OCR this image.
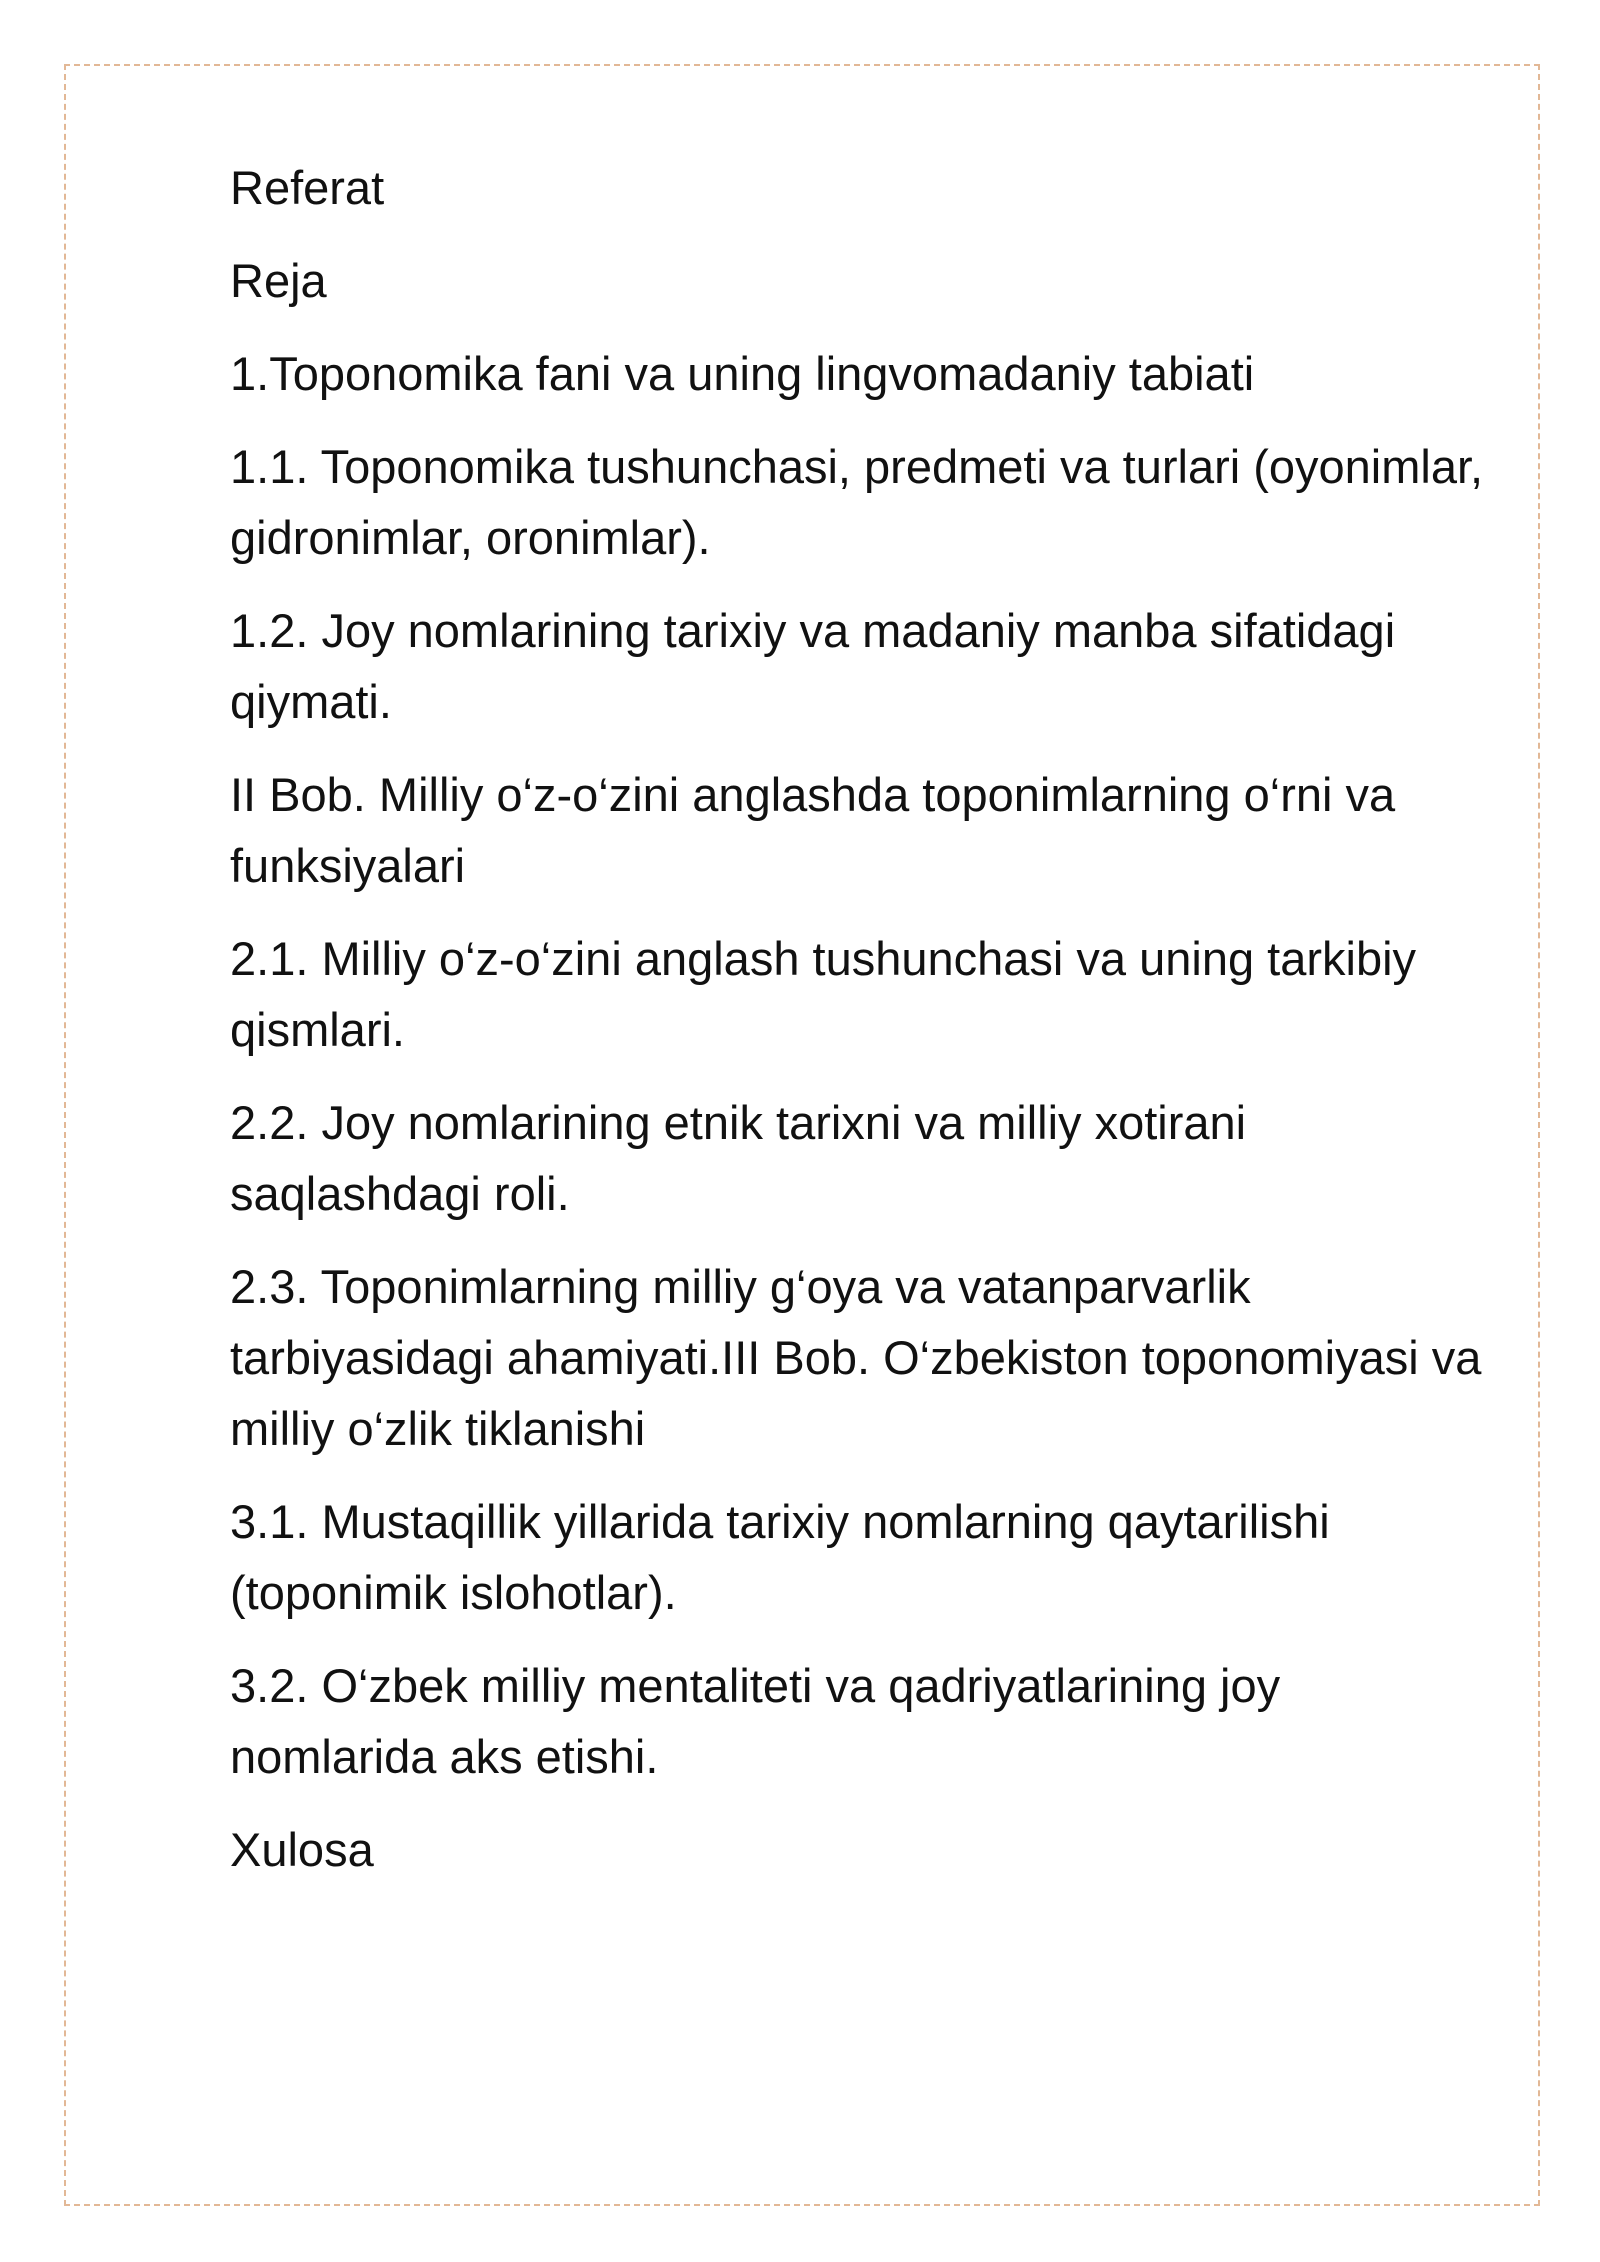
Referat

Reja

1.Toponomika fani va uning lingvomadaniy tabiati

1.1. Toponomika tushunchasi, predmeti va turlari (oyonimlar, gidronimlar, oronimlar).

1.2. Joy nomlarining tarixiy va madaniy manba sifatidagi qiymati.

II Bob. Milliy o‘z-o‘zini anglashda toponimlarning o‘rni va funksiyalari

2.1. Milliy o‘z-o‘zini anglash tushunchasi va uning tarkibiy qismlari.

2.2. Joy nomlarining etnik tarixni va milliy xotirani saqlashdagi roli.

2.3. Toponimlarning milliy g‘oya va vatanparvarlik tarbiyasidagi ahamiyati.III Bob. O‘zbekiston toponomiyasi va milliy o‘zlik tiklanishi

3.1. Mustaqillik yillarida tarixiy nomlarning qaytarilishi (toponimik islohotlar).

3.2. O‘zbek milliy mentaliteti va qadriyatlarining joy nomlarida aks etishi.

Xulosa
